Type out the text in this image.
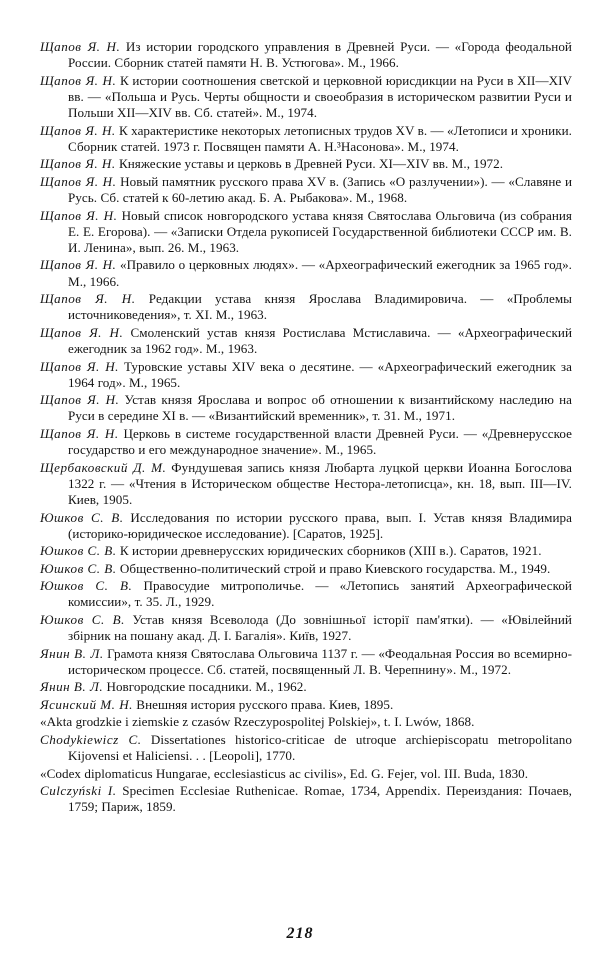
Щапов Я. Н. Из истории городского управления в Древней Руси. — «Города феодальной России. Сборник статей памяти Н. В. Устюгова». М., 1966.

Щапов Я. Н. К истории соотношения светской и церковной юрисдикции на Руси в XII—XIV вв. — «Польша и Русь. Черты общности и своеобразия в историческом развитии Руси и Польши XII—XIV вв. Сб. статей». М., 1974.

Щапов Я. Н. К характеристике некоторых летописных трудов XV в. — «Летописи и хроники. Сборник статей. 1973 г. Посвящен памяти А. Н.³Насонова». М., 1974.

Щапов Я. Н. Княжеские уставы и церковь в Древней Руси. XI—XIV вв. М., 1972.

Щапов Я. Н. Новый памятник русского права XV в. (Запись «О разлучении»). — «Славяне и Русь. Сб. статей к 60-летию акад. Б. А. Рыбакова». М., 1968.

Щапов Я. Н. Новый список новгородского устава князя Святослава Ольговича (из собрания Е. Е. Егорова). — «Записки Отдела рукописей Государственной библиотеки СССР им. В. И. Ленина», вып. 26. М., 1963.

Щапов Я. Н. «Правило о церковных людях». — «Археографический ежегодник за 1965 год». М., 1966.

Щапов Я. Н. Редакции устава князя Ярослава Владимировича. — «Проблемы источниковедения», т. XI. М., 1963.

Щапов Я. Н. Смоленский устав князя Ростислава Мстиславича. — «Археографический ежегодник за 1962 год». М., 1963.

Щапов Я. Н. Туровские уставы XIV века о десятине. — «Археографический ежегодник за 1964 год». М., 1965.

Щапов Я. Н. Устав князя Ярослава и вопрос об отношении к византийскому наследию на Руси в середине XI в. — «Византийский временник», т. 31. М., 1971.

Щапов Я. Н. Церковь в системе государственной власти Древней Руси. — «Древнерусское государство и его международное значение». М., 1965.

Щербаковский Д. М. Фундушевая запись князя Любарта луцкой церкви Иоанна Богослова 1322 г. — «Чтения в Историческом обществе Нестора-летописца», кн. 18, вып. III—IV. Киев, 1905.

Юшков С. В. Исследования по истории русского права, вып. I. Устав князя Владимира (историко-юридическое исследование). [Саратов, 1925].

Юшков С. В. К истории древнерусских юридических сборников (XIII в.). Саратов, 1921.

Юшков С. В. Общественно-политический строй и право Киевского государства. М., 1949.

Юшков С. В. Правосудие митрополичье. — «Летопись занятий Археографической комиссии», т. 35. Л., 1929.

Юшков С. В. Устав князя Всеволода (До зовнішньої історії пам'ятки). — «Ювілейний збірник на пошану акад. Д. І. Багалія». Київ, 1927.

Янин В. Л. Грамота князя Святослава Ольговича 1137 г. — «Феодальная Россия во всемирно-историческом процессе. Сб. статей, посвященный Л. В. Черепнину». М., 1972.

Янин В. Л. Новгородские посадники. М., 1962.

Ясинский М. Н. Внешняя история русского права. Киев, 1895.

«Akta grodzkie i ziemskie z czasów Rzeczypospolitej Polskiej», t. I. Lwów, 1868.

Chodykiewicz C. Dissertationes historico-criticae de utroque archiepiscopatu metropolitano Kijovensi et Haliciensi. . . [Leopoli], 1770.

«Codex diplomaticus Hungarae, ecclesiasticus ac civilis», Ed. G. Fejer, vol. III. Buda, 1830.

Culczyński I. Specimen Ecclesiae Ruthenicae. Romae, 1734, Appendix. Переиздания: Почаев, 1759; Париж, 1859.

218
